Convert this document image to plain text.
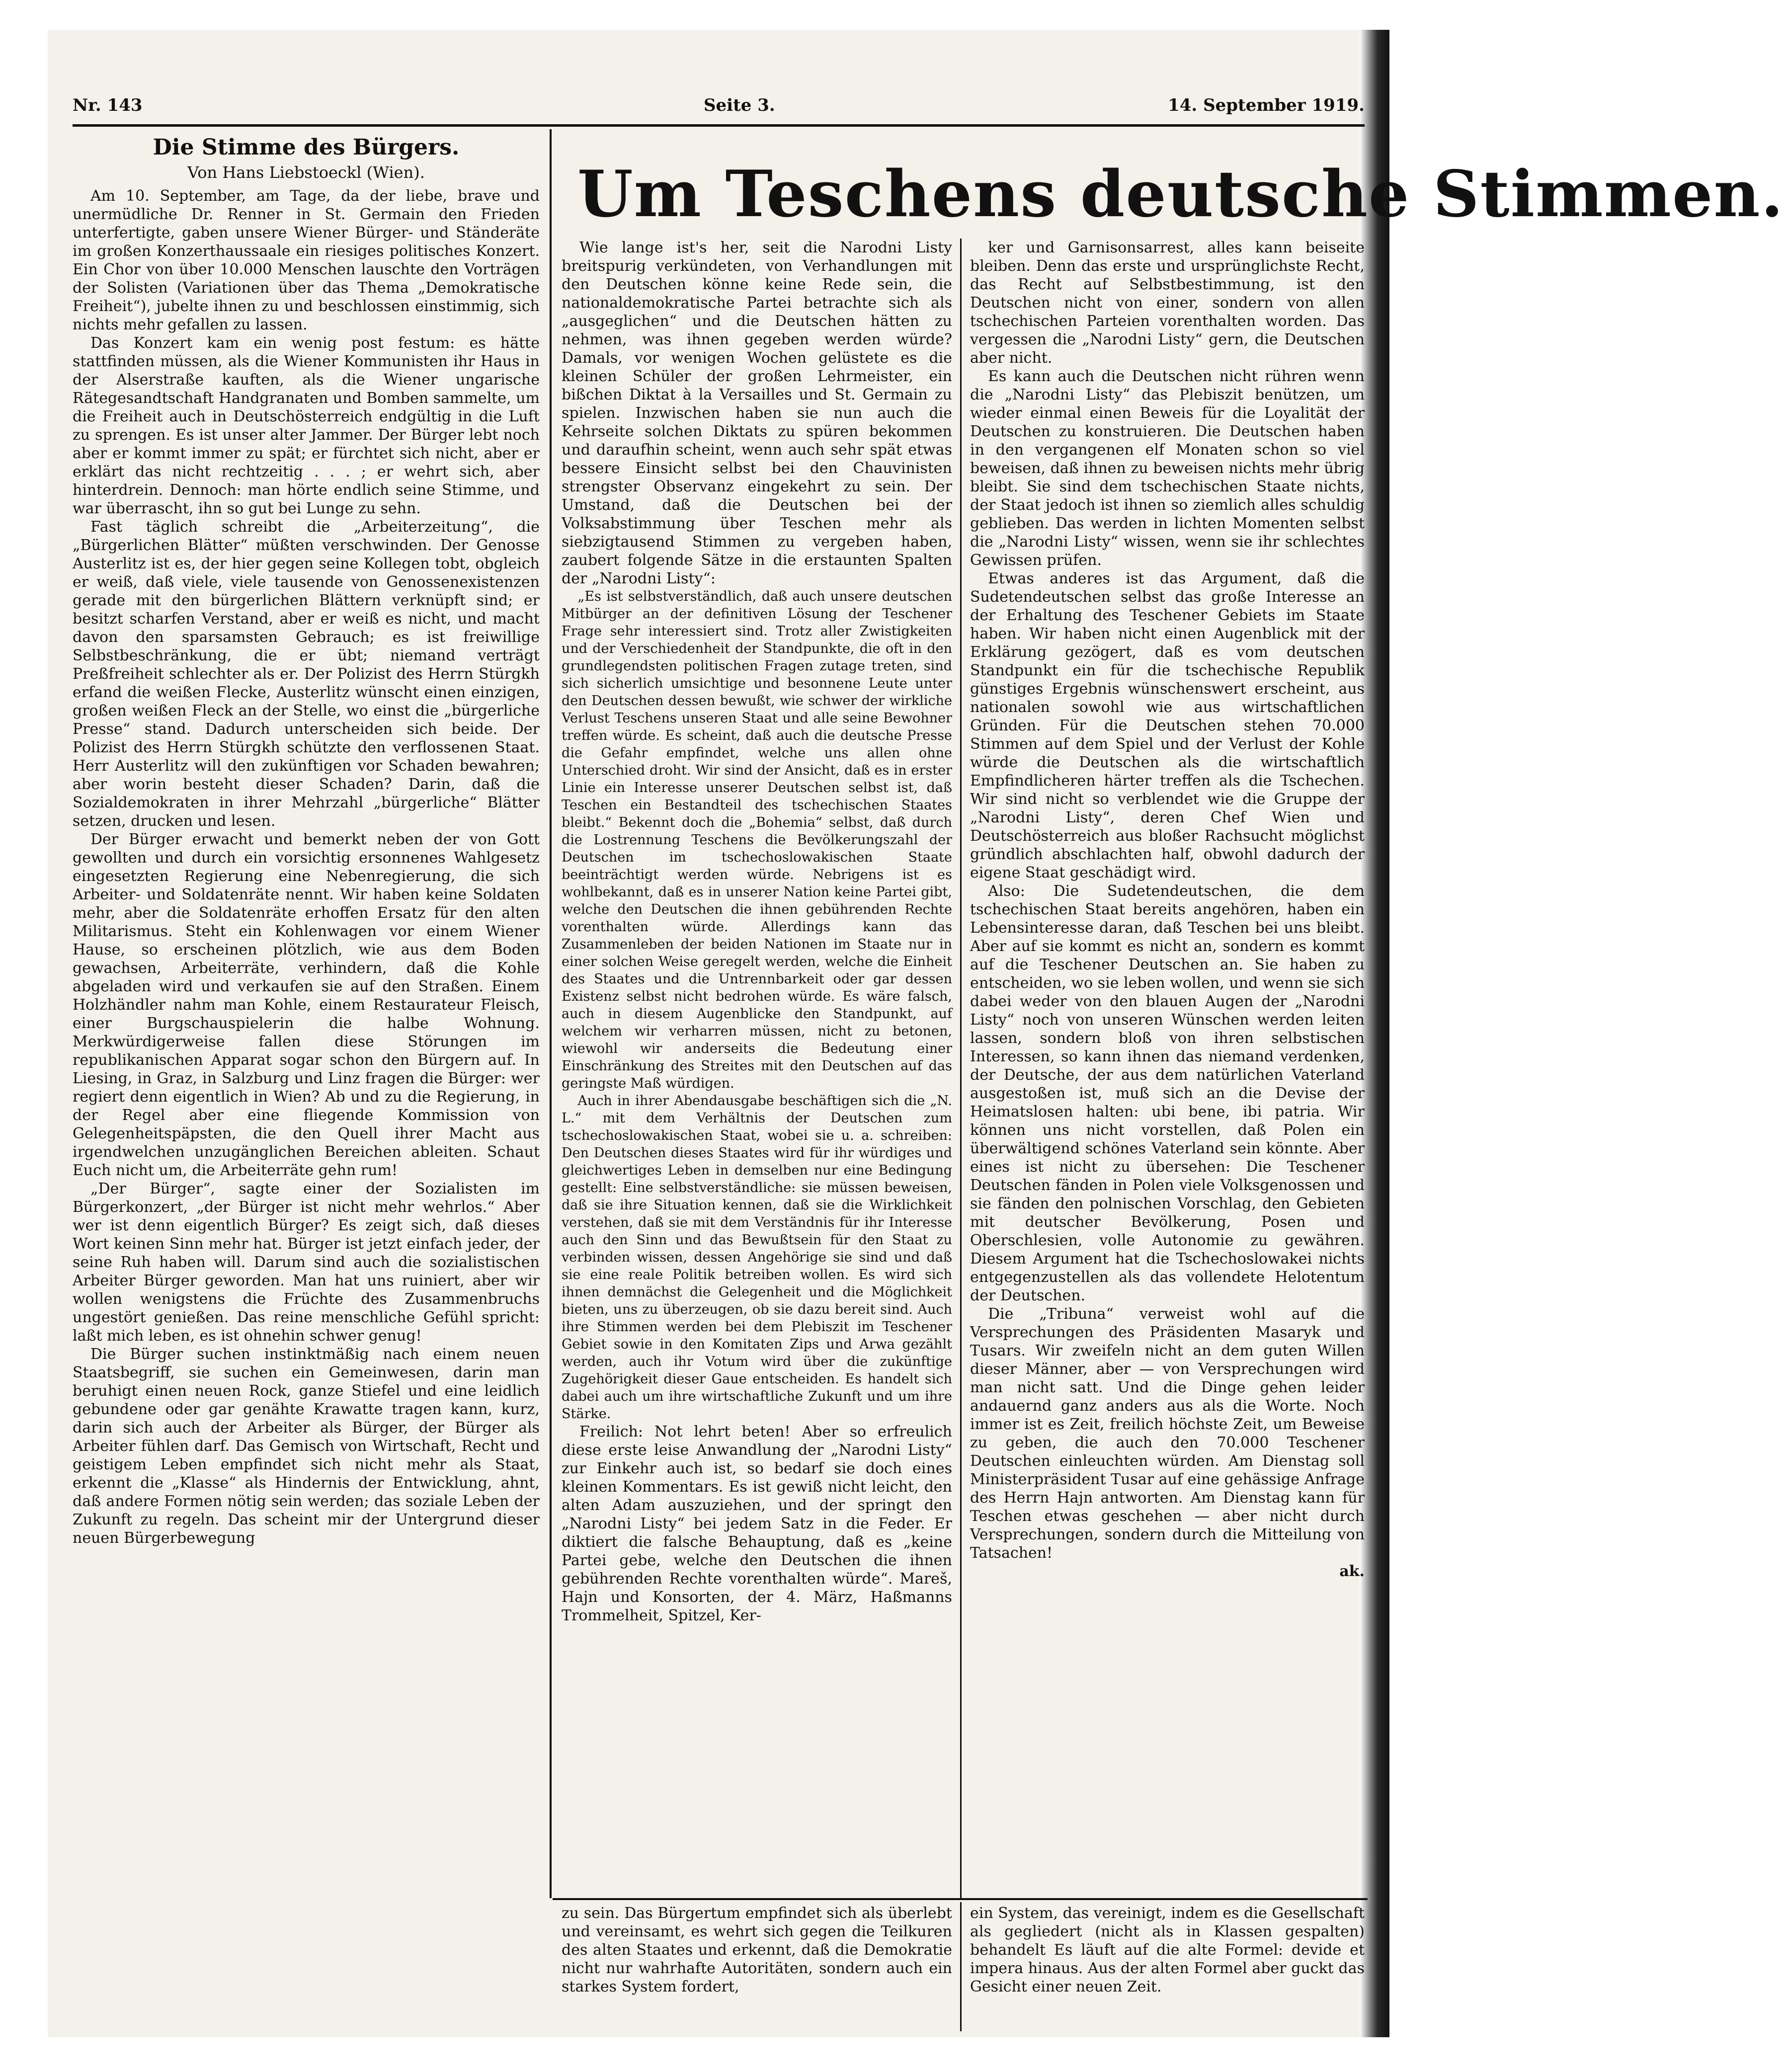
Nr. 143	Seite 3.	14. September 1919.
Die Stimme des Bürgers.
Von Hans Liebstoeckl (Wien).

Am 10. September, am Tage, da der liebe, brave und unermüdliche Dr. Renner in St. Germain den Frieden unterfertigte, gaben unsere Wiener Bürger- und Ständeräte im großen Konzerthaussaale ein riesiges politisches Konzert. Ein Chor von über 10.000 Menschen lauschte den Vorträgen der Solisten (Variationen über das Thema „Demokratische Freiheit“), jubelte ihnen zu und beschlossen einstimmig, sich nichts mehr gefallen zu lassen.

Das Konzert kam ein wenig post festum: es hätte stattfinden müssen, als die Wiener Kommunisten ihr Haus in der Alserstraße kauften, als die Wiener ungarische Rätegesandtschaft Handgranaten und Bomben sammelte, um die Freiheit auch in Deutschösterreich endgültig in die Luft zu sprengen. Es ist unser alter Jammer. Der Bürger lebt noch aber er kommt immer zu spät; er fürchtet sich nicht, aber er erklärt das nicht rechtzeitig . . . ; er wehrt sich, aber hinterdrein. Dennoch: man hörte endlich seine Stimme, und war überrascht, ihn so gut bei Lunge zu sehn.

Fast täglich schreibt die „Arbeiterzeitung“, die „Bürgerlichen Blätter“ müßten verschwinden. Der Genosse Austerlitz ist es, der hier gegen seine Kollegen tobt, obgleich er weiß, daß viele, viele tausende von Genossenexistenzen gerade mit den bürgerlichen Blättern verknüpft sind; er besitzt scharfen Verstand, aber er weiß es nicht, und macht davon den sparsamsten Gebrauch; es ist freiwillige Selbstbeschränkung, die er übt; niemand verträgt Preßfreiheit schlechter als er. Der Polizist des Herrn Stürgkh erfand die weißen Flecke, Austerlitz wünscht einen einzigen, großen weißen Fleck an der Stelle, wo einst die „bürgerliche Presse“ stand. Dadurch unterscheiden sich beide. Der Polizist des Herrn Stürgkh schützte den verflossenen Staat. Herr Austerlitz will den zukünftigen vor Schaden bewahren; aber worin besteht dieser Schaden? Darin, daß die Sozialdemokraten in ihrer Mehrzahl „bürgerliche“ Blätter setzen, drucken und lesen.

Der Bürger erwacht und bemerkt neben der von Gott gewollten und durch ein vorsichtig ersonnenes Wahlgesetz eingesetzten Regierung eine Nebenregierung, die sich Arbeiter- und Soldatenräte nennt. Wir haben keine Soldaten mehr, aber die Soldatenräte erhoffen Ersatz für den alten Militarismus. Steht ein Kohlenwagen vor einem Wiener Hause, so erscheinen plötzlich, wie aus dem Boden gewachsen, Arbeiterräte, verhindern, daß die Kohle abgeladen wird und verkaufen sie auf den Straßen. Einem Holzhändler nahm man Kohle, einem Restaurateur Fleisch, einer Burgschauspielerin die halbe Wohnung. Merkwürdigerweise fallen diese Störungen im republikanischen Apparat sogar schon den Bürgern auf. In Liesing, in Graz, in Salzburg und Linz fragen die Bürger: wer regiert denn eigentlich in Wien? Ab und zu die Regierung, in der Regel aber eine fliegende Kommission von Gelegenheitspäpsten, die den Quell ihrer Macht aus irgendwelchen unzugänglichen Bereichen ableiten. Schaut Euch nicht um, die Arbeiterräte gehn rum!

„Der Bürger“, sagte einer der Sozialisten im Bürgerkonzert, „der Bürger ist nicht mehr wehrlos.“ Aber wer ist denn eigentlich Bürger? Es zeigt sich, daß dieses Wort keinen Sinn mehr hat. Bürger ist jetzt einfach jeder, der seine Ruh haben will. Darum sind auch die sozialistischen Arbeiter Bürger geworden. Man hat uns ruiniert, aber wir wollen wenigstens die Früchte des Zusammenbruchs ungestört genießen. Das reine menschliche Gefühl spricht: laßt mich leben, es ist ohnehin schwer genug!

Die Bürger suchen instinktmäßig nach einem neuen Staatsbegriff, sie suchen ein Gemeinwesen, darin man beruhigt einen neuen Rock, ganze Stiefel und eine leidlich gebundene oder gar genähte Krawatte tragen kann, kurz, darin sich auch der Arbeiter als Bürger, der Bürger als Arbeiter fühlen darf. Das Gemisch von Wirtschaft, Recht und geistigem Leben empfindet sich nicht mehr als Staat, erkennt die „Klasse“ als Hindernis der Entwicklung, ahnt, daß andere Formen nötig sein werden; das soziale Leben der Zukunft zu regeln. Das scheint mir der Untergrund dieser neuen Bürgerbewegung

Um Teschens deutsche Stimmen.

Wie lange ist's her, seit die Narodni Listy breitspurig verkündeten, von Verhandlungen mit den Deutschen könne keine Rede sein, die nationaldemokratische Partei betrachte sich als „ausgeglichen“ und die Deutschen hätten zu nehmen, was ihnen gegeben werden würde? Damals, vor wenigen Wochen gelüstete es die kleinen Schüler der großen Lehrmeister, ein bißchen Diktat à la Versailles und St. Germain zu spielen. Inzwischen haben sie nun auch die Kehrseite solchen Diktats zu spüren bekommen und daraufhin scheint, wenn auch sehr spät etwas bessere Einsicht selbst bei den Chauvinisten strengster Observanz eingekehrt zu sein. Der Umstand, daß die Deutschen bei der Volksabstimmung über Teschen mehr als siebzigtausend Stimmen zu vergeben haben, zaubert folgende Sätze in die erstaunten Spalten der „Narodni Listy“:

„Es ist selbstverständlich, daß auch unsere deutschen Mitbürger an der definitiven Lösung der Teschener Frage sehr interessiert sind. Trotz aller Zwistigkeiten und der Verschiedenheit der Standpunkte, die oft in den grundlegendsten politischen Fragen zutage treten, sind sich sicherlich umsichtige und besonnene Leute unter den Deutschen dessen bewußt, wie schwer der wirkliche Verlust Teschens unseren Staat und alle seine Bewohner treffen würde. Es scheint, daß auch die deutsche Presse die Gefahr empfindet, welche uns allen ohne Unterschied droht. Wir sind der Ansicht, daß es in erster Linie ein Interesse unserer Deutschen selbst ist, daß Teschen ein Bestandteil des tschechischen Staates bleibt.“ Bekennt doch die „Bohemia“ selbst, daß durch die Lostrennung Teschens die Bevölkerungszahl der Deutschen im tschechoslowakischen Staate beeinträchtigt werden würde. Nebrigens ist es wohlbekannt, daß es in unserer Nation keine Partei gibt, welche den Deutschen die ihnen gebührenden Rechte vorenthalten würde. Allerdings kann das Zusammenleben der beiden Nationen im Staate nur in einer solchen Weise geregelt werden, welche die Einheit des Staates und die Untrennbarkeit oder gar dessen Existenz selbst nicht bedrohen würde. Es wäre falsch, auch in diesem Augenblicke den Standpunkt, auf welchem wir verharren müssen, nicht zu betonen, wiewohl wir anderseits die Bedeutung einer Einschränkung des Streites mit den Deutschen auf das geringste Maß würdigen.

Auch in ihrer Abendausgabe beschäftigen sich die „N. L.“ mit dem Verhältnis der Deutschen zum tschechoslowakischen Staat, wobei sie u. a. schreiben: Den Deutschen dieses Staates wird für ihr würdiges und gleichwertiges Leben in demselben nur eine Bedingung gestellt: Eine selbstverständliche: sie müssen beweisen, daß sie ihre Situation kennen, daß sie die Wirklichkeit verstehen, daß sie mit dem Verständnis für ihr Interesse auch den Sinn und das Bewußtsein für den Staat zu verbinden wissen, dessen Angehörige sie sind und daß sie eine reale Politik betreiben wollen. Es wird sich ihnen demnächst die Gelegenheit und die Möglichkeit bieten, uns zu überzeugen, ob sie dazu bereit sind. Auch ihre Stimmen werden bei dem Plebiszit im Teschener Gebiet sowie in den Komitaten Zips und Arwa gezählt werden, auch ihr Votum wird über die zukünftige Zugehörigkeit dieser Gaue entscheiden. Es handelt sich dabei auch um ihre wirtschaftliche Zukunft und um ihre Stärke.

Freilich: Not lehrt beten! Aber so erfreulich diese erste leise Anwandlung der „Narodni Listy“ zur Einkehr auch ist, so bedarf sie doch eines kleinen Kommentars. Es ist gewiß nicht leicht, den alten Adam auszuziehen, und der springt den „Narodni Listy“ bei jedem Satz in die Feder. Er diktiert die falsche Behauptung, daß es „keine Partei gebe, welche den Deutschen die ihnen gebührenden Rechte vorenthalten würde“. Mareš, Hajn und Konsorten, der 4. März, Haßmanns Trommelheit, Spitzel, Ker-

ker und Garnisonsarrest, alles kann beiseite bleiben. Denn das erste und ursprünglichste Recht, das Recht auf Selbstbestimmung, ist den Deutschen nicht von einer, sondern von allen tschechischen Parteien vorenthalten worden. Das vergessen die „Narodni Listy“ gern, die Deutschen aber nicht.

Es kann auch die Deutschen nicht rühren wenn die „Narodni Listy“ das Plebiszit benützen, um wieder einmal einen Beweis für die Loyalität der Deutschen zu konstruieren. Die Deutschen haben in den vergangenen elf Monaten schon so viel beweisen, daß ihnen zu beweisen nichts mehr übrig bleibt. Sie sind dem tschechischen Staate nichts, der Staat jedoch ist ihnen so ziemlich alles schuldig geblieben. Das werden in lichten Momenten selbst die „Narodni Listy“ wissen, wenn sie ihr schlechtes Gewissen prüfen.

Etwas anderes ist das Argument, daß die Sudetendeutschen selbst das große Interesse an der Erhaltung des Teschener Gebiets im Staate haben. Wir haben nicht einen Augenblick mit der Erklärung gezögert, daß es vom deutschen Standpunkt ein für die tschechische Republik günstiges Ergebnis wünschenswert erscheint, aus nationalen sowohl wie aus wirtschaftlichen Gründen. Für die Deutschen stehen 70.000 Stimmen auf dem Spiel und der Verlust der Kohle würde die Deutschen als die wirtschaftlich Empfindlicheren härter treffen als die Tschechen. Wir sind nicht so verblendet wie die Gruppe der „Narodni Listy“, deren Chef Wien und Deutschösterreich aus bloßer Rachsucht möglichst gründlich abschlachten half, obwohl dadurch der eigene Staat geschädigt wird.

Also: Die Sudetendeutschen, die dem tschechischen Staat bereits angehören, haben ein Lebensinteresse daran, daß Teschen bei uns bleibt. Aber auf sie kommt es nicht an, sondern es kommt auf die Teschener Deutschen an. Sie haben zu entscheiden, wo sie leben wollen, und wenn sie sich dabei weder von den blauen Augen der „Narodni Listy“ noch von unseren Wünschen werden leiten lassen, sondern bloß von ihren selbstischen Interessen, so kann ihnen das niemand verdenken, der Deutsche, der aus dem natürlichen Vaterland ausgestoßen ist, muß sich an die Devise der Heimatslosen halten: ubi bene, ibi patria. Wir können uns nicht vorstellen, daß Polen ein überwältigend schönes Vaterland sein könnte. Aber eines ist nicht zu übersehen: Die Teschener Deutschen fänden in Polen viele Volksgenossen und sie fänden den polnischen Vorschlag, den Gebieten mit deutscher Bevölkerung, Posen und Oberschlesien, volle Autonomie zu gewähren. Diesem Argument hat die Tschechoslowakei nichts entgegenzustellen als das vollendete Helotentum der Deutschen.

Die „Tribuna“ verweist wohl auf die Versprechungen des Präsidenten Masaryk und Tusars. Wir zweifeln nicht an dem guten Willen dieser Männer, aber — von Versprechungen wird man nicht satt. Und die Dinge gehen leider andauernd ganz anders aus als die Worte. Noch immer ist es Zeit, freilich höchste Zeit, um Beweise zu geben, die auch den 70.000 Teschener Deutschen einleuchten würden. Am Dienstag soll Ministerpräsident Tusar auf eine gehässige Anfrage des Herrn Hajn antworten. Am Dienstag kann für Teschen etwas geschehen — aber nicht durch Versprechungen, sondern durch die Mitteilung von Tatsachen!

ak.
zu sein. Das Bürgertum empfindet sich als überlebt und vereinsamt, es wehrt sich gegen die Teilkuren des alten Staates und erkennt, daß die Demokratie nicht nur wahrhafte Autoritäten, sondern auch ein starkes System fordert,
ein System, das vereinigt, indem es die Gesellschaft als gegliedert (nicht als in Klassen gespalten) behandelt Es läuft auf die alte Formel: devide et impera hinaus. Aus der alten Formel aber guckt das Gesicht einer neuen Zeit.
